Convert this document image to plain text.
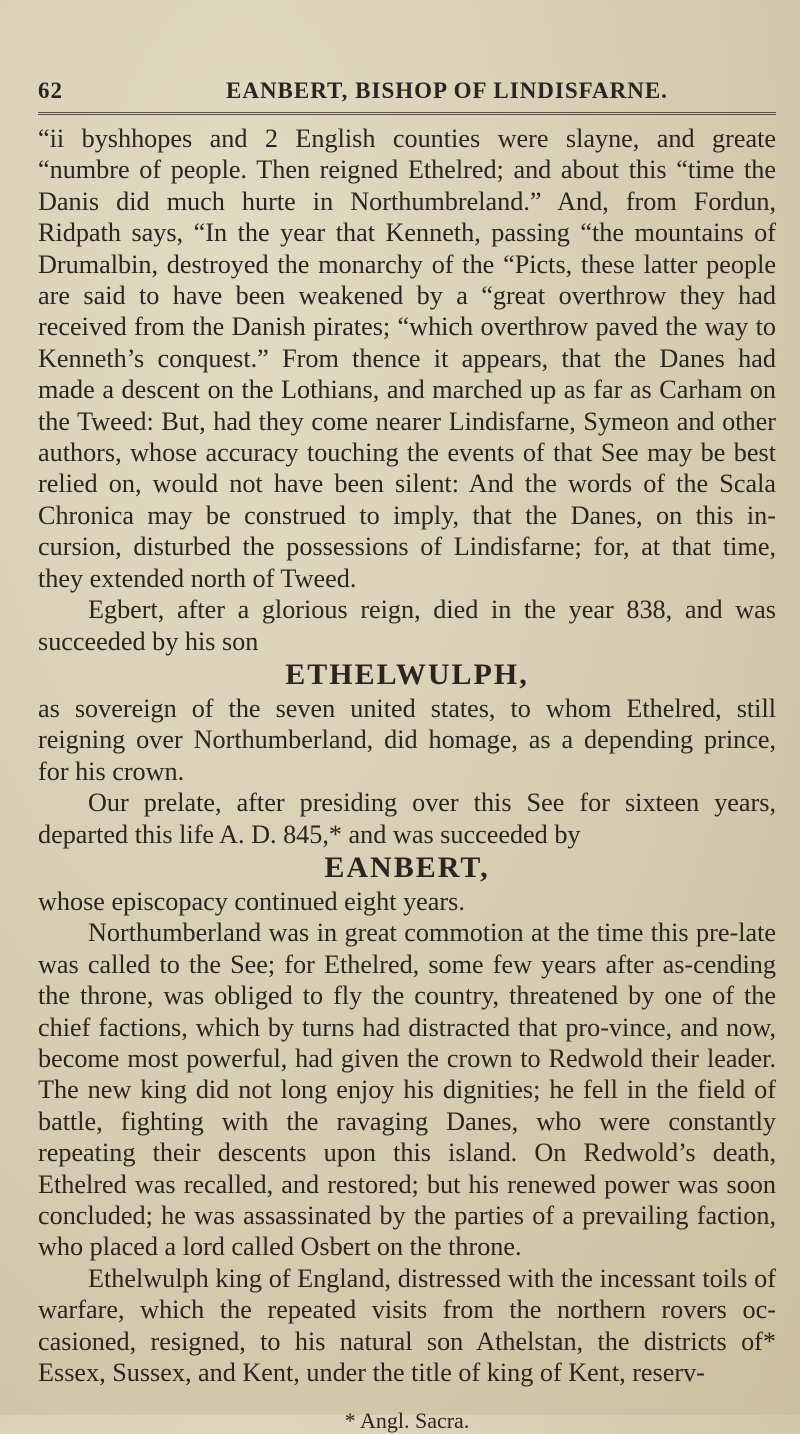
62	EANBERT, BISHOP OF LINDISFARNE.

“ii byshhopes and 2 English counties were slayne, and greate “numbre of people. Then reigned Ethelred; and about this “time the Danis did much hurte in Northumbreland.” And, from Fordun, Ridpath says, “In the year that Kenneth, passing “the mountains of Drumalbin, destroyed the monarchy of the “Picts, these latter people are said to have been weakened by a “great overthrow they had received from the Danish pirates; “which overthrow paved the way to Kenneth’s conquest.” From thence it appears, that the Danes had made a descent on the Lothians, and marched up as far as Carham on the Tweed: But, had they come nearer Lindisfarne, Symeon and other authors, whose accuracy touching the events of that See may be best relied on, would not have been silent: And the words of the Scala Chronica may be construed to imply, that the Danes, on this in-cursion, disturbed the possessions of Lindisfarne; for, at that time, they extended north of Tweed.

Egbert, after a glorious reign, died in the year 838, and was succeeded by his son

ETHELWULPH,

as sovereign of the seven united states, to whom Ethelred, still reigning over Northumberland, did homage, as a depending prince, for his crown.

Our prelate, after presiding over this See for sixteen years, departed this life A. D. 845,* and was succeeded by

EANBERT,

whose episcopacy continued eight years.

Northumberland was in great commotion at the time this pre-late was called to the See; for Ethelred, some few years after as-cending the throne, was obliged to fly the country, threatened by one of the chief factions, which by turns had distracted that pro-vince, and now, become most powerful, had given the crown to Redwold their leader. The new king did not long enjoy his dignities; he fell in the field of battle, fighting with the ravaging Danes, who were constantly repeating their descents upon this island. On Redwold’s death, Ethelred was recalled, and restored; but his renewed power was soon concluded; he was assassinated by the parties of a prevailing faction, who placed a lord called Osbert on the throne.

Ethelwulph king of England, distressed with the incessant toils of warfare, which the repeated visits from the northern rovers oc-casioned, resigned, to his natural son Athelstan, the districts of* Essex, Sussex, and Kent, under the title of king of Kent, reserv-

* Angl. Sacra.
